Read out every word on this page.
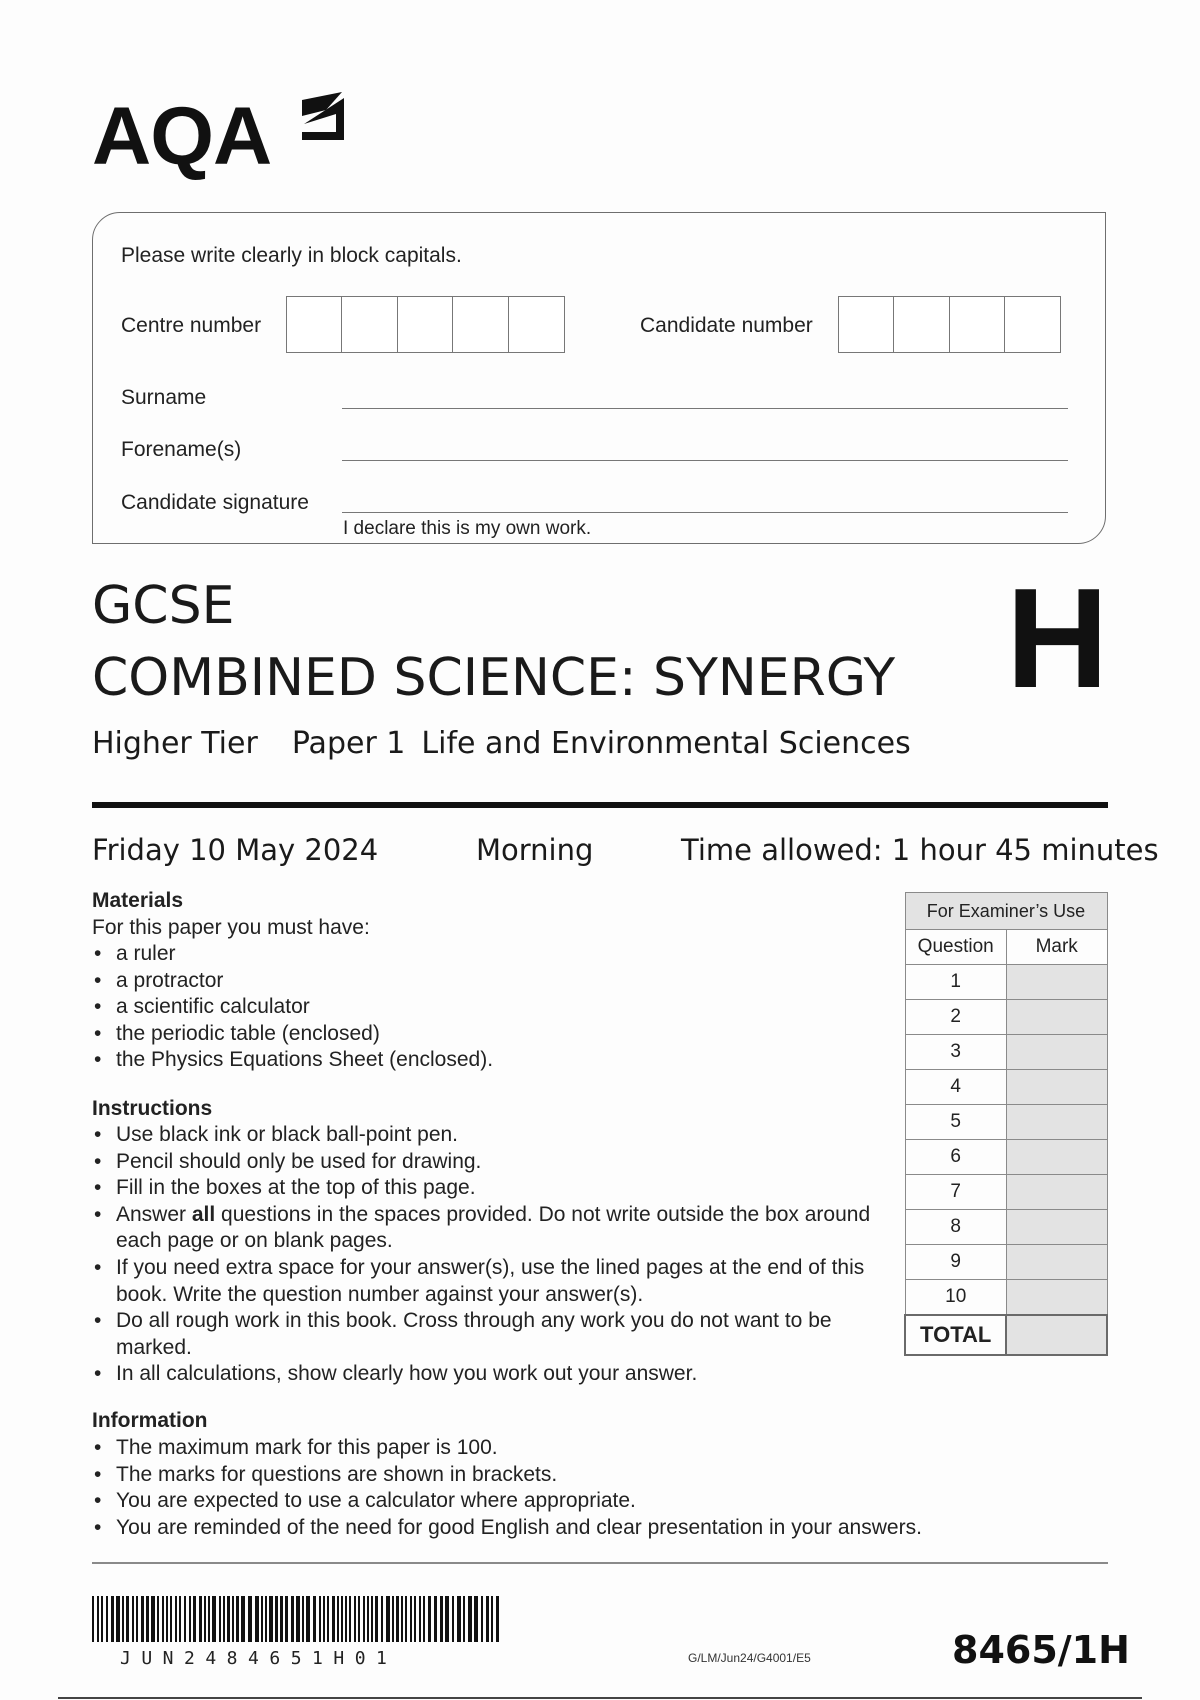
AQA
Please write clearly in block capitals.
Centre number	Candidate number
Surname
Forename(s)
Candidate signature
I declare this is my own work.
GCSE
COMBINED SCIENCE: SYNERGY
Higher Tier Paper 1 Life and Environmental Sciences
H
Friday 10 May 2024	Morning	Time allowed: 1 hour 45 minutes
Materials
For this paper you must have:
• a ruler
• a protractor
• a scientific calculator
• the periodic table (enclosed)
• the Physics Equations Sheet (enclosed).
Instructions
• Use black ink or black ball-point pen.
• Pencil should only be used for drawing.
• Fill in the boxes at the top of this page.
• Answer all questions in the spaces provided. Do not write outside the box around each page or on blank pages.
• If you need extra space for your answer(s), use the lined pages at the end of this book. Write the question number against your answer(s).
• Do all rough work in this book. Cross through any work you do not want to be marked.
• In all calculations, show clearly how you work out your answer.
Information
• The maximum mark for this paper is 100.
• The marks for questions are shown in brackets.
• You are expected to use a calculator where appropriate.
• You are reminded of the need for good English and clear presentation in your answers.
For Examiner’s Use	
Question	Mark
1	
2	
3	
4	
5	
6	
7	
8	
9	
10	
TOTAL	
JUN2484651H01	G/LM/Jun24/G4001/E5	8465/1H
